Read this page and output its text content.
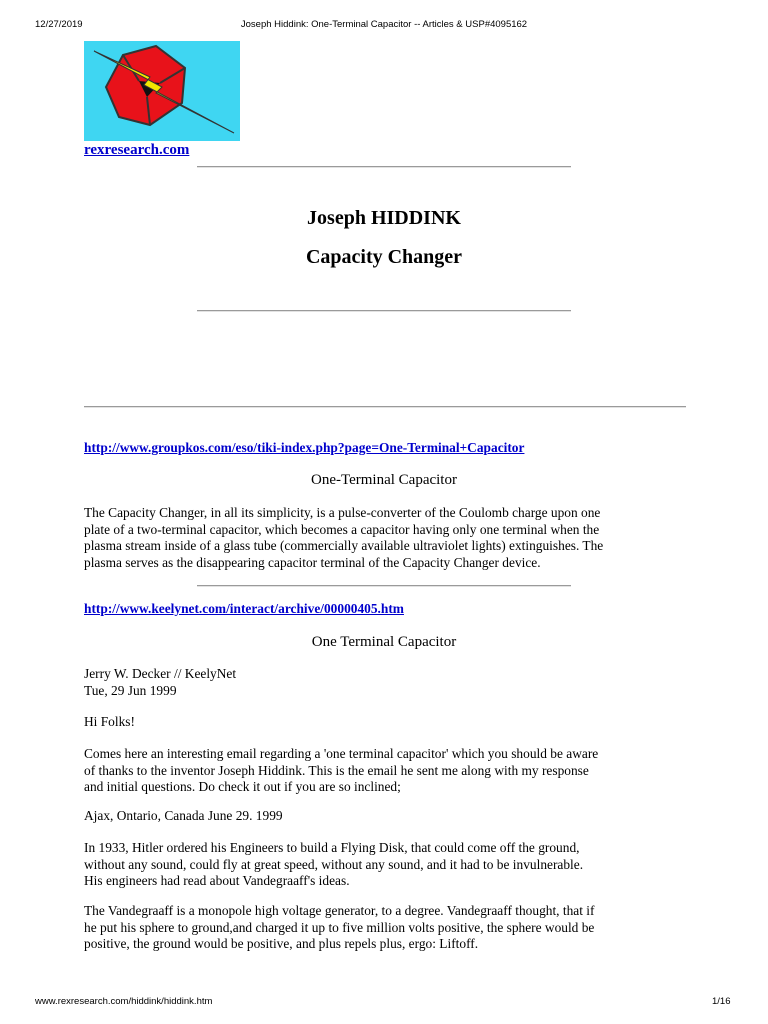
12/27/2019	Joseph Hiddink: One-Terminal Capacitor -- Articles & USP#4095162
rexresearch.com
Joseph HIDDINK
Capacity Changer
http://www.groupkos.com/eso/tiki-index.php?page=One-Terminal+Capacitor
One-Terminal Capacitor
The Capacity Changer, in all its simplicity, is a pulse-converter of the Coulomb charge upon one
plate of a two-terminal capacitor, which becomes a capacitor having only one terminal when the
plasma stream inside of a glass tube (commercially available ultraviolet lights) extinguishes. The
plasma serves as the disappearing capacitor terminal of the Capacity Changer device.
http://www.keelynet.com/interact/archive/00000405.htm
One Terminal Capacitor
Jerry W. Decker // KeelyNet
Tue, 29 Jun 1999
Hi Folks!
Comes here an interesting email regarding a 'one terminal capacitor' which you should be aware
of thanks to the inventor Joseph Hiddink. This is the email he sent me along with my response
and initial questions. Do check it out if you are so inclined;
Ajax, Ontario, Canada June 29. 1999
In 1933, Hitler ordered his Engineers to build a Flying Disk, that could come off the ground,
without any sound, could fly at great speed, without any sound, and it had to be invulnerable.
His engineers had read about Vandegraaff's ideas.
The Vandegraaff is a monopole high voltage generator, to a degree. Vandegraaff thought, that if
he put his sphere to ground,and charged it up to five million volts positive, the sphere would be
positive, the ground would be positive, and plus repels plus, ergo: Liftoff.
www.rexresearch.com/hiddink/hiddink.htm	1/16
